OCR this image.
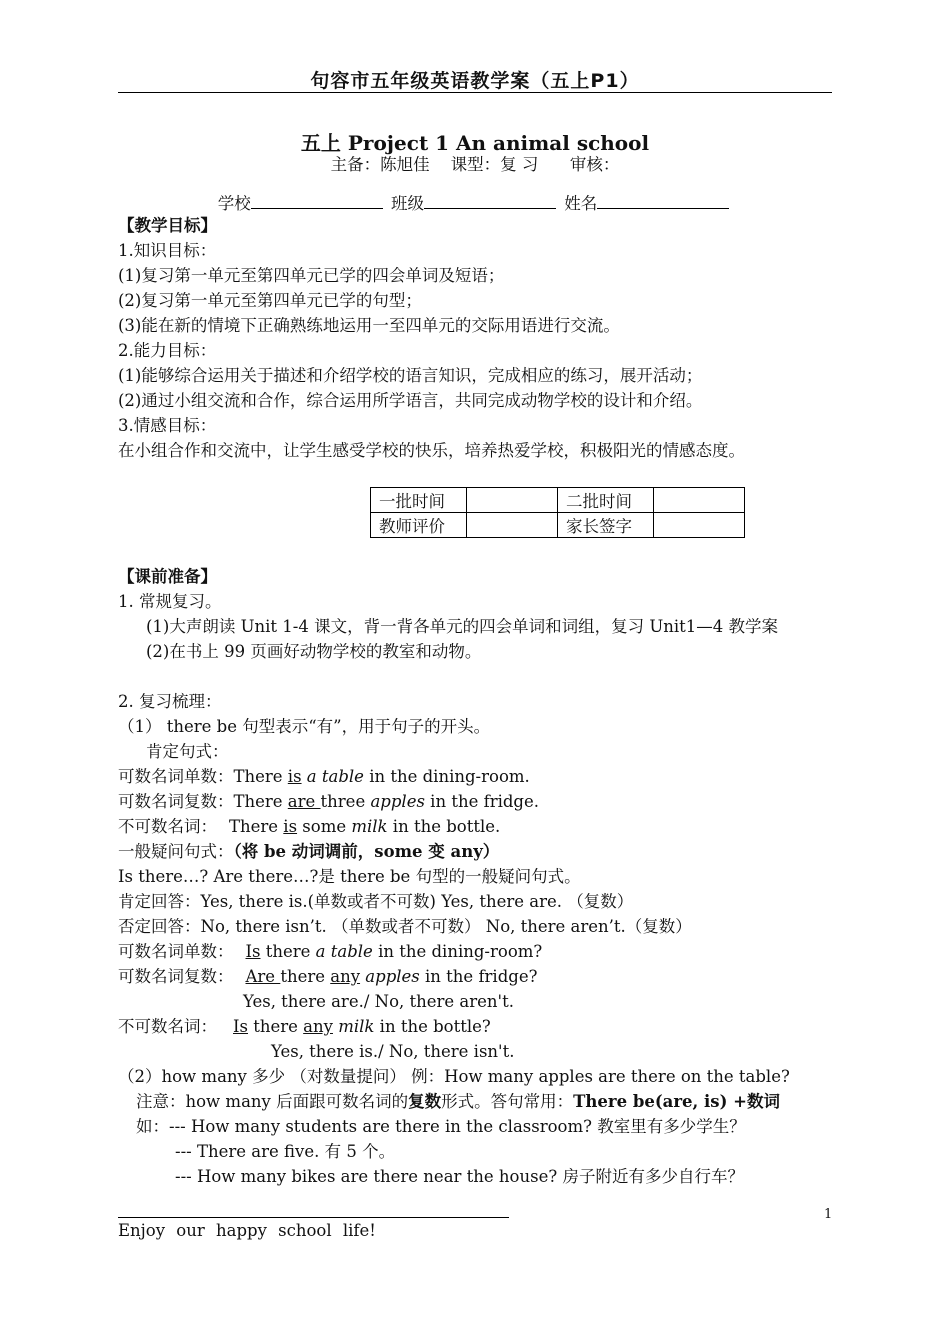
句容市五年级英语教学案（五上P1）
五上 Project 1 An animal school
主备：陈旭佳    课型：复 习      审核：
学校	班级	姓名
【教学目标】
1.知识目标：
(1)复习第一单元至第四单元已学的四会单词及短语；
(2)复习第一单元至第四单元已学的句型；
(3)能在新的情境下正确熟练地运用一至四单元的交际用语进行交流。
2.能力目标：
(1)能够综合运用关于描述和介绍学校的语言知识，完成相应的练习，展开活动；
(2)通过小组交流和合作，综合运用所学语言，共同完成动物学校的设计和介绍。
3.情感目标：
在小组合作和交流中，让学生感受学校的快乐，培养热爱学校，积极阳光的情感态度。
一批时间		二批时间	
教师评价		家长签字	
【课前准备】
1. 常规复习。
(1)大声朗读 Unit 1-4 课文，背一背各单元的四会单词和词组，复习 Unit1—4 教学案
(2)在书上 99 页画好动物学校的教室和动物。
2. 复习梳理：
（1） there be 句型表示“有”，用于句子的开头。
肯定句式：
可数名词单数：There is a table in the dining-room.
可数名词复数：There are three apples in the fridge.
不可数名词： There is some milk in the bottle.
一般疑问句式：（将 be 动词调前，some 变 any）
Is there…? Are there…?是 there be 句型的一般疑问句式。
肯定回答：Yes, there is.(单数或者不可数) Yes, there are. （复数）
否定回答：No, there isn’t. （单数或者不可数） No, there aren’t.（复数）
可数名词单数： Is there a table in the dining-room?
可数名词复数： Are there any apples in the fridge?
Yes, there are./ No, there aren't.
不可数名词： Is there any milk in the bottle?
Yes, there is./ No, there isn't.
（2）how many 多少 （对数量提问） 例：How many apples are there on the table?
注意：how many 后面跟可数名词的复数形式。答句常用：There be(are, is) +数词
如：--- How many students are there in the classroom? 教室里有多少学生？
--- There are five. 有 5 个。
--- How many bikes are there near the house? 房子附近有多少自行车？
1
Enjoy our happy school life!
